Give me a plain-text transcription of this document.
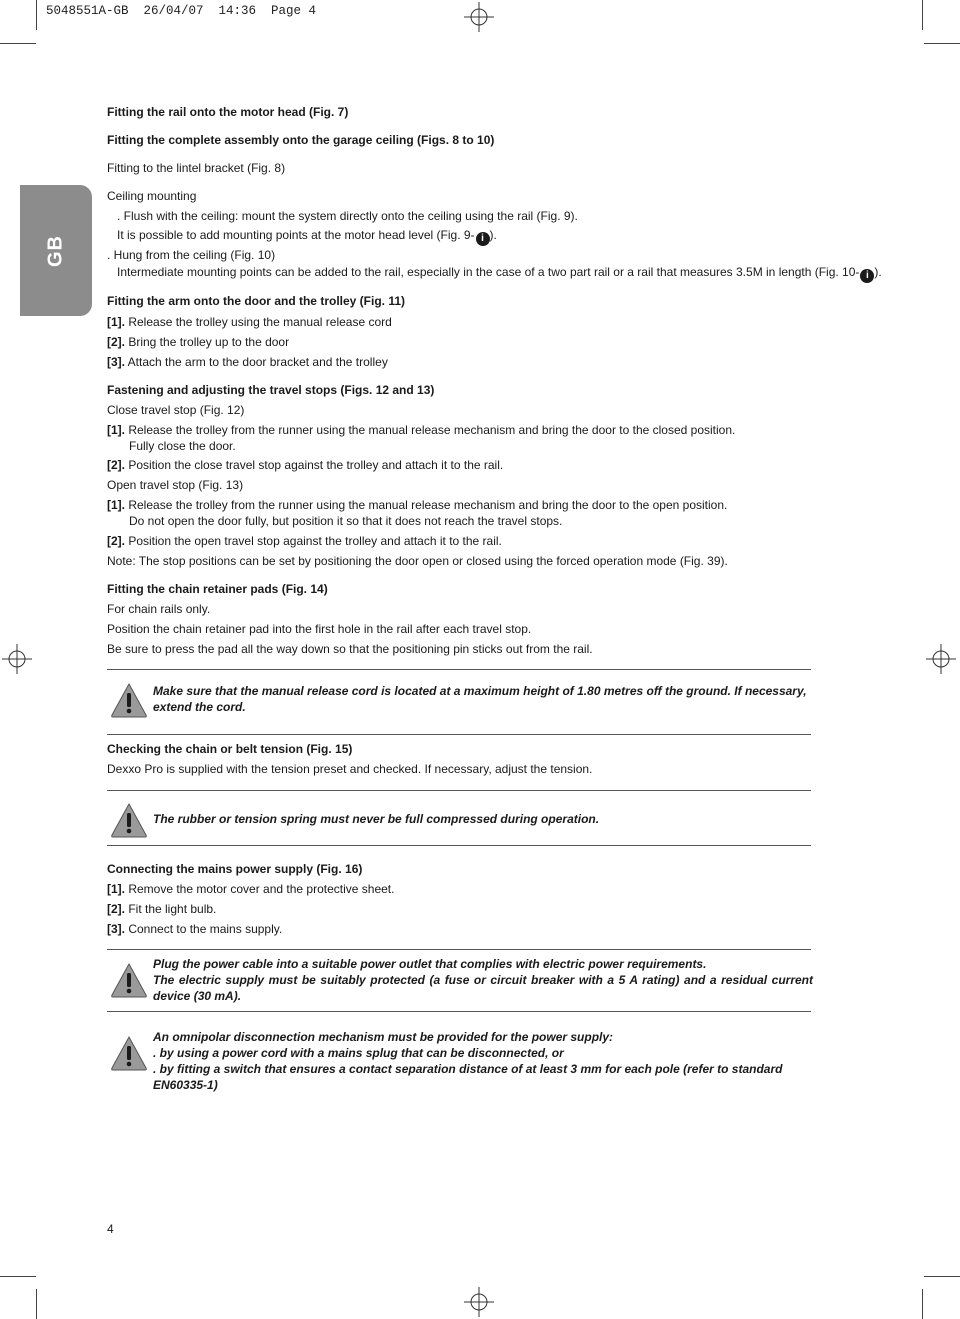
5048551A-GB  26/04/07  14:36  Page 4
GB
Fitting the rail onto the motor head (Fig. 7)
Fitting the complete assembly onto the garage ceiling (Figs. 8 to 10)
Fitting to the lintel bracket (Fig. 8)
Ceiling mounting
. Flush with the ceiling: mount the system directly onto the ceiling using the rail (Fig. 9).
It is possible to add mounting points at the motor head level (Fig. 9- i ).
. Hung from the ceiling (Fig. 10)
Intermediate mounting points can be added to the rail, especially in the case of a two part rail or a rail that measures 3.5M in length (Fig. 10- i ).
Fitting the arm onto the door and the trolley (Fig. 11)
[1]. Release the trolley using the manual release cord
[2]. Bring the trolley up to the door
[3]. Attach the arm to the door bracket and the trolley
Fastening and adjusting the travel stops (Figs. 12 and 13)
Close travel stop (Fig. 12)
[1]. Release the trolley from the runner using the manual release mechanism and bring the door to the closed position.
Fully close the door.
[2]. Position the close travel stop against the trolley and attach it to the rail.
Open travel stop (Fig. 13)
[1]. Release the trolley from the runner using the manual release mechanism and bring the door to the open position.
Do not open the door fully, but position it so that it does not reach the travel stops.
[2]. Position the open travel stop against the trolley and attach it to the rail.
Note: The stop positions can be set by positioning the door open or closed using the forced operation mode (Fig. 39).
Fitting the chain retainer pads (Fig. 14)
For chain rails only.
Position the chain retainer pad into the first hole in the rail after each travel stop.
Be sure to press the pad all the way down so that the positioning pin sticks out from the rail.
Make sure that the manual release cord is located at a maximum height of 1.80 metres off the ground. If necessary, extend the cord.
Checking the chain or belt tension (Fig. 15)
Dexxo Pro is supplied with the tension preset and checked. If necessary, adjust the tension.
The rubber or tension spring must never be full compressed during operation.
Connecting the mains power supply (Fig. 16)
[1]. Remove the motor cover and the protective sheet.
[2]. Fit the light bulb.
[3]. Connect to the mains supply.
Plug the power cable into a suitable power outlet that complies with electric power requirements.
The electric supply must be suitably protected (a fuse or circuit breaker with a 5 A rating) and a residual current device (30 mA).
An omnipolar disconnection mechanism must be provided for the power supply:
. by using a power cord with a mains splug that can be disconnected, or
. by fitting a switch that ensures a contact separation distance of at least 3 mm for each pole (refer to standard EN60335-1)
4
